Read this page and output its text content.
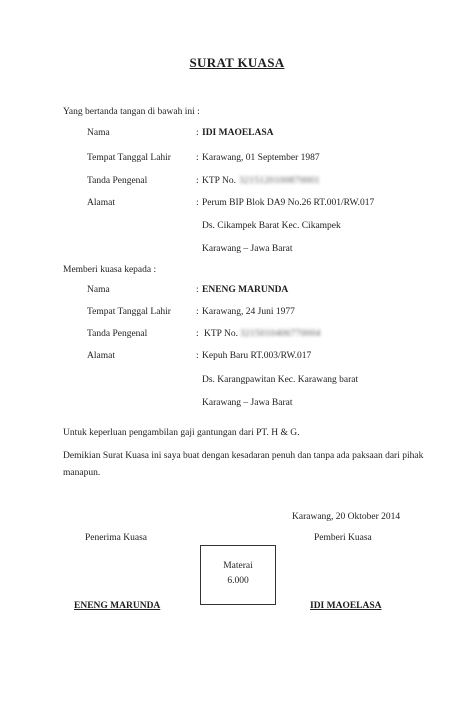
SURAT KUASA
Yang bertanda tangan di bawah ini :
Nama	: IDI MAOELASA
Tempat Tanggal Lahir	: Karawang, 01 September 1987
Tanda Pengenal	: KTP No. 3215120100870001
Alamat	: Perum BIP Blok DA9 No.26 RT.001/RW.017
Ds. Cikampek Barat Kec. Cikampek
Karawang – Jawa Barat
Memberi kuasa kepada :
Nama	: ENENG MARUNDA
Tempat Tanggal Lahir	: Karawang, 24 Juni 1977
Tanda Pengenal	: KTP No. 3215010406770004
Alamat	: Kepuh Baru RT.003/RW.017
Ds. Karangpawitan Kec. Karawang barat
Karawang – Jawa Barat
Untuk keperluan pengambilan gaji gantungan dari PT. H & G.
Demikian Surat Kuasa ini saya buat dengan kesadaran penuh dan tanpa ada paksaan dari pihak
manapun.
Karawang, 20 Oktober 2014
Penerima Kuasa	Pemberi Kuasa
Materai
6.000
ENENG MARUNDA	IDI MAOELASA
